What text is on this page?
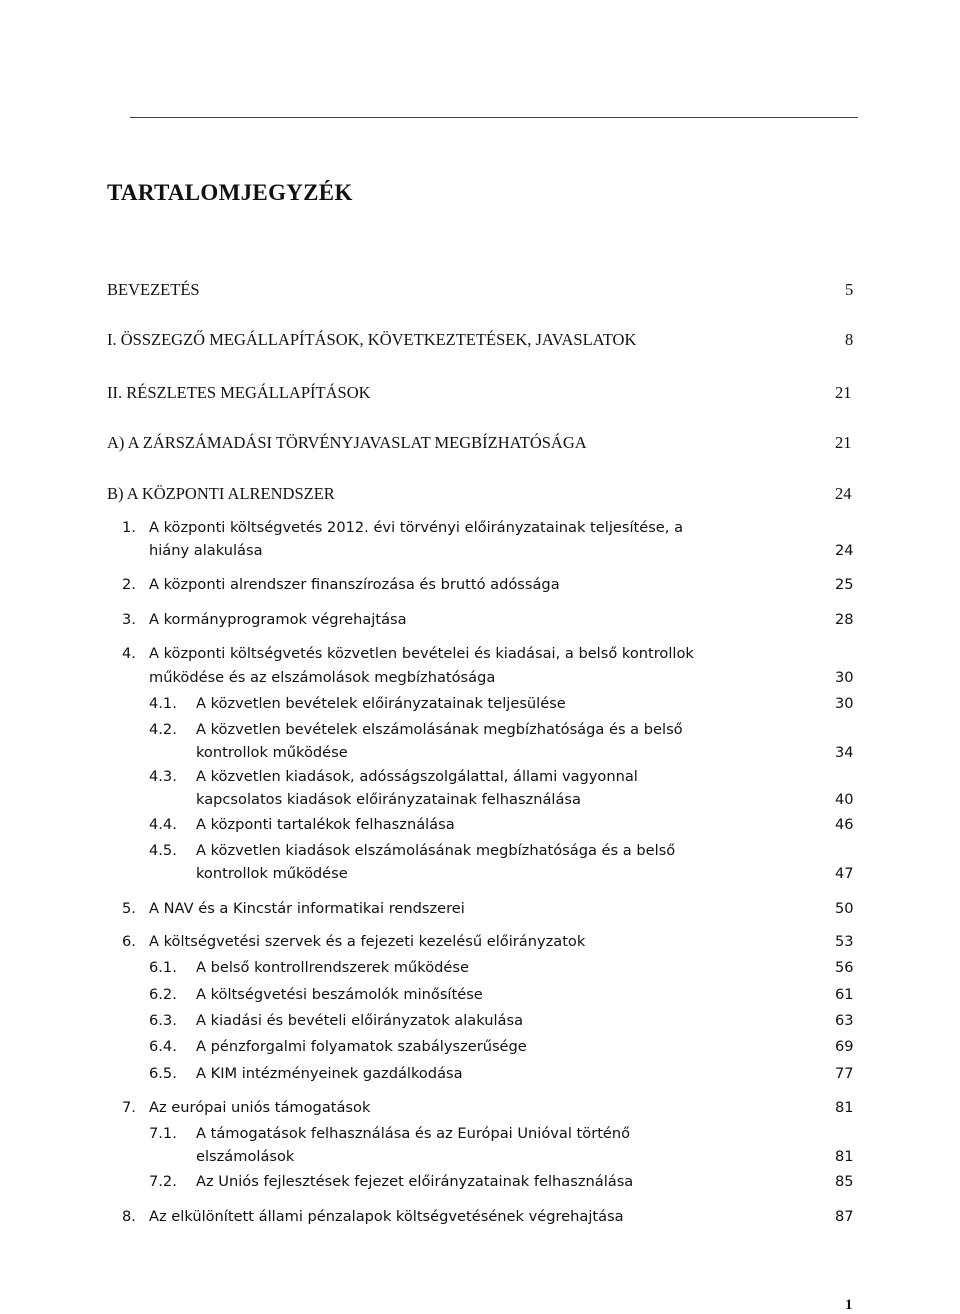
TARTALOMJEGYZÉK
BEVEZETÉS	5
I. ÖSSZEGZŐ MEGÁLLAPÍTÁSOK, KÖVETKEZTETÉSEK, JAVASLATOK	8
II. RÉSZLETES MEGÁLLAPÍTÁSOK	21
A) A ZÁRSZÁMADÁSI TÖRVÉNYJAVASLAT MEGBÍZHATÓSÁGA	21
B) A KÖZPONTI ALRENDSZER	24
1. A központi költségvetés 2012. évi törvényi előirányzatainak teljesítése, a
hiány alakulása	24
2. A központi alrendszer finanszírozása és bruttó adóssága	25
3. A kormányprogramok végrehajtása	28
4. A központi költségvetés közvetlen bevételei és kiadásai, a belső kontrollok
működése és az elszámolások megbízhatósága	30
4.1. A közvetlen bevételek előirányzatainak teljesülése	30
4.2. A közvetlen bevételek elszámolásának megbízhatósága és a belső
kontrollok működése	34
4.3. A közvetlen kiadások, adósságszolgálattal, állami vagyonnal
kapcsolatos kiadások előirányzatainak felhasználása	40
4.4. A központi tartalékok felhasználása	46
4.5. A közvetlen kiadások elszámolásának megbízhatósága és a belső
kontrollok működése	47
5. A NAV és a Kincstár informatikai rendszerei	50
6. A költségvetési szervek és a fejezeti kezelésű előirányzatok	53
6.1. A belső kontrollrendszerek működése	56
6.2. A költségvetési beszámolók minősítése	61
6.3. A kiadási és bevételi előirányzatok alakulása	63
6.4. A pénzforgalmi folyamatok szabályszerűsége	69
6.5. A KIM intézményeinek gazdálkodása	77
7. Az európai uniós támogatások	81
7.1. A támogatások felhasználása és az Európai Unióval történő
elszámolások	81
7.2. Az Uniós fejlesztések fejezet előirányzatainak felhasználása	85
8. Az elkülönített állami pénzalapok költségvetésének végrehajtása	87
1
